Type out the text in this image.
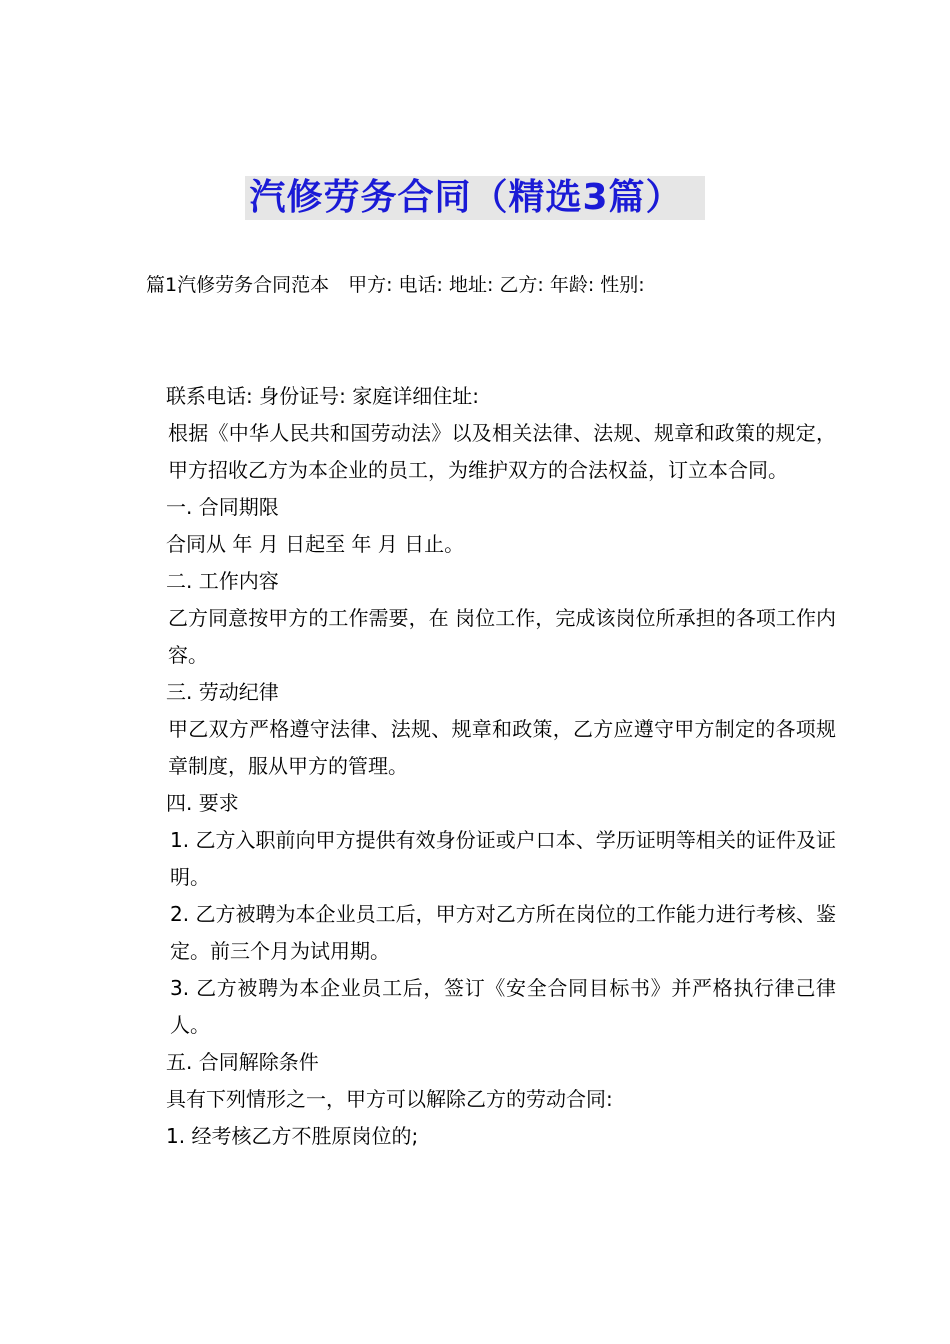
汽修劳务合同（精选3篇）
篇1汽修劳务合同范本　甲方: 电话: 地址: 乙方: 年龄: 性别:

联系电话: 身份证号: 家庭详细住址:

根据《中华人民共和国劳动法》以及相关法律、法规、规章和政策的规定，甲方招收乙方为本企业的员工，为维护双方的合法权益，订立本合同。

一. 合同期限

合同从 年 月 日起至 年 月 日止。

二. 工作内容

乙方同意按甲方的工作需要，在 岗位工作，完成该岗位所承担的各项工作内容。

三. 劳动纪律

甲乙双方严格遵守法律、法规、规章和政策，乙方应遵守甲方制定的各项规章制度，服从甲方的管理。

四. 要求

1. 乙方入职前向甲方提供有效身份证或户口本、学历证明等相关的证件及证明。

2. 乙方被聘为本企业员工后，甲方对乙方所在岗位的工作能力进行考核、鉴定。前三个月为试用期。

3. 乙方被聘为本企业员工后，签订《安全合同目标书》并严格执行律己律人。

五. 合同解除条件

具有下列情形之一，甲方可以解除乙方的劳动合同:

1. 经考核乙方不胜原岗位的;
